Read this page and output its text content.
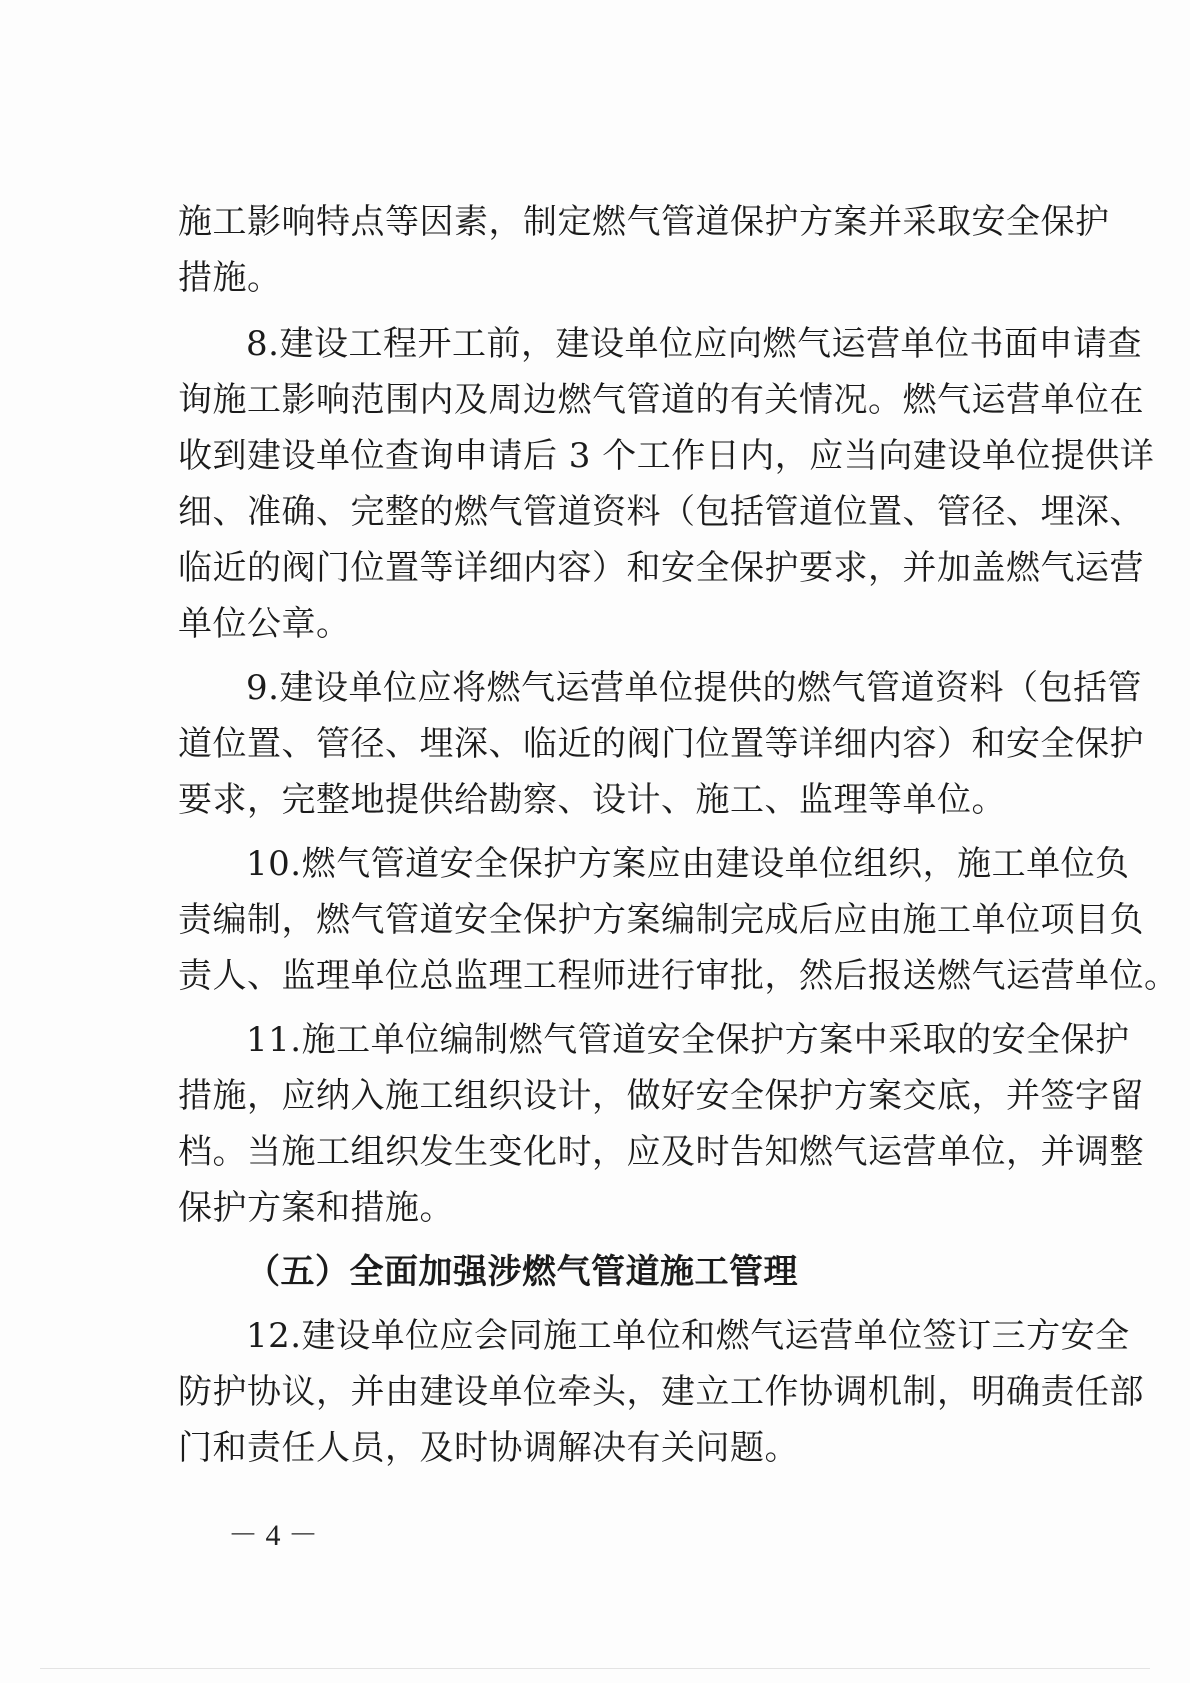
施工影响特点等因素，制定燃气管道保护方案并采取安全保护
措施。
8.建设工程开工前，建设单位应向燃气运营单位书面申请查
询施工影响范围内及周边燃气管道的有关情况。燃气运营单位在
收到建设单位查询申请后 3 个工作日内，应当向建设单位提供详
细、准确、完整的燃气管道资料（包括管道位置、管径、埋深、
临近的阀门位置等详细内容）和安全保护要求，并加盖燃气运营
单位公章。
9.建设单位应将燃气运营单位提供的燃气管道资料（包括管
道位置、管径、埋深、临近的阀门位置等详细内容）和安全保护
要求，完整地提供给勘察、设计、施工、监理等单位。
10.燃气管道安全保护方案应由建设单位组织，施工单位负
责编制，燃气管道安全保护方案编制完成后应由施工单位项目负
责人、监理单位总监理工程师进行审批，然后报送燃气运营单位。
11.施工单位编制燃气管道安全保护方案中采取的安全保护
措施，应纳入施工组织设计，做好安全保护方案交底，并签字留
档。当施工组织发生变化时，应及时告知燃气运营单位，并调整
保护方案和措施。
（五）全面加强涉燃气管道施工管理
12.建设单位应会同施工单位和燃气运营单位签订三方安全
防护协议，并由建设单位牵头，建立工作协调机制，明确责任部
门和责任人员，及时协调解决有关问题。
－ 4 －
